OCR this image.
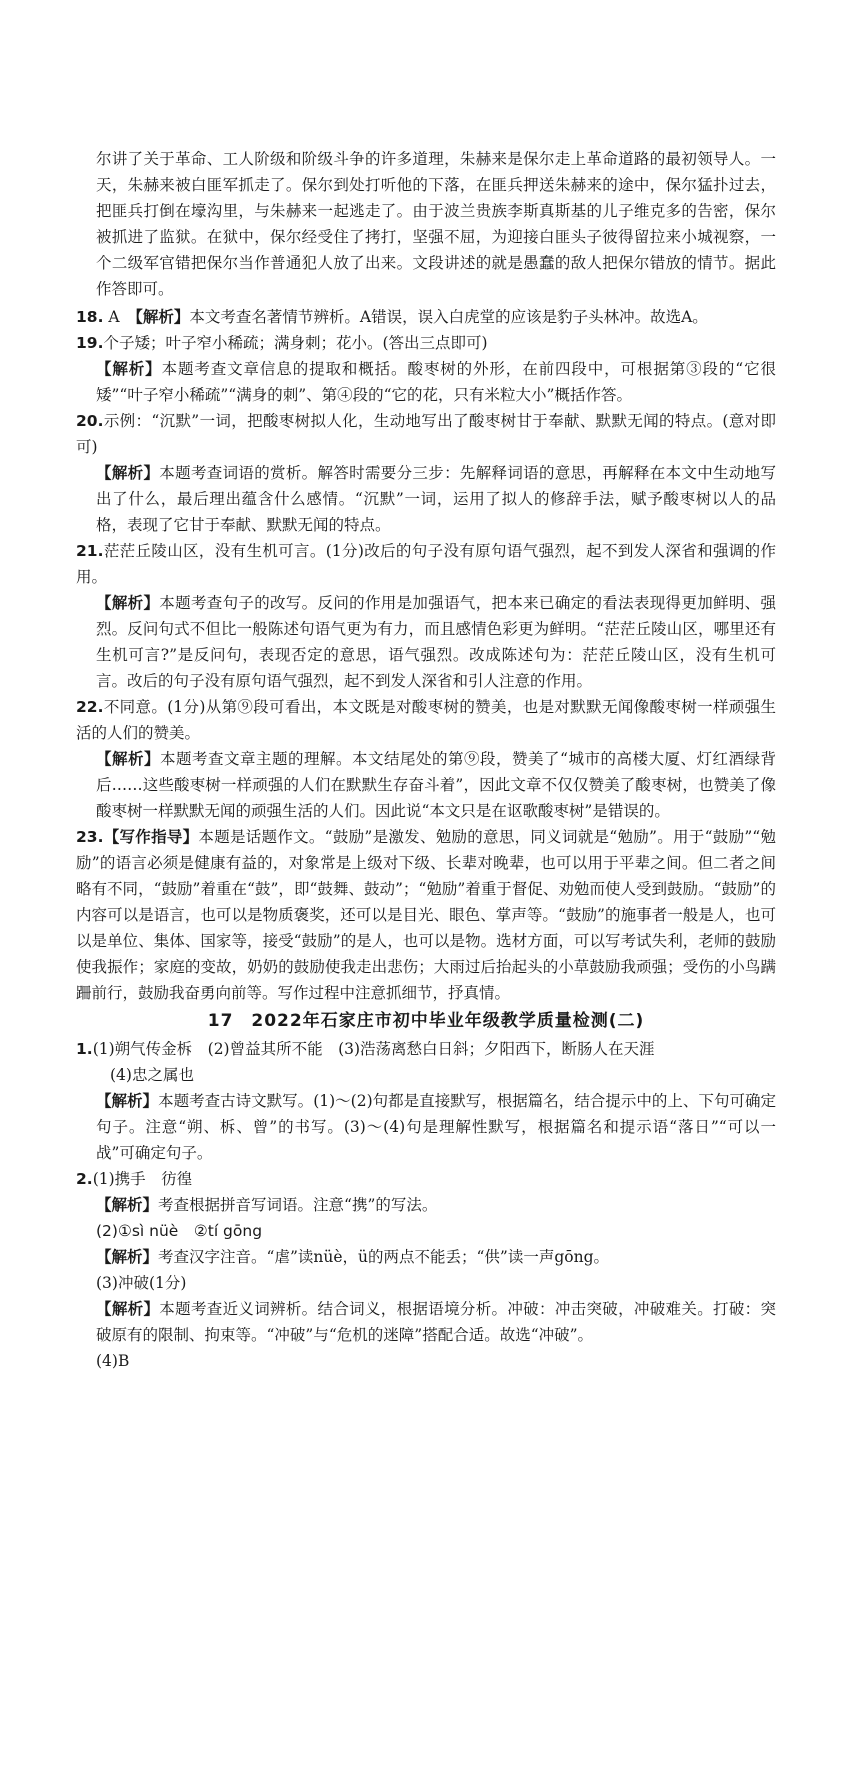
尔讲了关于革命、工人阶级和阶级斗争的许多道理，朱赫来是保尔走上革命道路的最初领导人。一天，朱赫来被白匪军抓走了。保尔到处打听他的下落，在匪兵押送朱赫来的途中，保尔猛扑过去，把匪兵打倒在壕沟里，与朱赫来一起逃走了。由于波兰贵族李斯真斯基的儿子维克多的告密，保尔被抓进了监狱。在狱中，保尔经受住了拷打，坚强不屈，为迎接白匪头子彼得留拉来小城视察，一个二级军官错把保尔当作普通犯人放了出来。文段讲述的就是愚蠢的敌人把保尔错放的情节。据此作答即可。

18. A　 【解析】本文考查名著情节辨析。A错误，误入白虎堂的应该是豹子头林冲。故选A。

19.个子矮；叶子窄小稀疏；满身刺；花小。(答出三点即可)

【解析】本题考查文章信息的提取和概括。酸枣树的外形，在前四段中，可根据第③段的“它很矮”“叶子窄小稀疏”“满身的刺”、第④段的“它的花，只有米粒大小”概括作答。

20.示例：“沉默”一词，把酸枣树拟人化，生动地写出了酸枣树甘于奉献、默默无闻的特点。(意对即可)

【解析】本题考查词语的赏析。解答时需要分三步：先解释词语的意思，再解释在本文中生动地写出了什么，最后理出蕴含什么感情。“沉默”一词，运用了拟人的修辞手法，赋予酸枣树以人的品格，表现了它甘于奉献、默默无闻的特点。

21.茫茫丘陵山区，没有生机可言。(1分)改后的句子没有原句语气强烈，起不到发人深省和强调的作用。

【解析】本题考查句子的改写。反问的作用是加强语气，把本来已确定的看法表现得更加鲜明、强烈。反问句式不但比一般陈述句语气更为有力，而且感情色彩更为鲜明。“茫茫丘陵山区，哪里还有生机可言?”是反问句，表现否定的意思，语气强烈。改成陈述句为：茫茫丘陵山区，没有生机可言。改后的句子没有原句语气强烈，起不到发人深省和引人注意的作用。

22.不同意。(1分)从第⑨段可看出，本文既是对酸枣树的赞美，也是对默默无闻像酸枣树一样顽强生活的人们的赞美。

【解析】本题考查文章主题的理解。本文结尾处的第⑨段，赞美了“城市的高楼大厦、灯红酒绿背后……这些酸枣树一样顽强的人们在默默生存奋斗着”，因此文章不仅仅赞美了酸枣树，也赞美了像酸枣树一样默默无闻的顽强生活的人们。因此说“本文只是在讴歌酸枣树”是错误的。

23.【写作指导】本题是话题作文。“鼓励”是激发、勉励的意思，同义词就是“勉励”。用于“鼓励”“勉励”的语言必须是健康有益的，对象常是上级对下级、长辈对晚辈，也可以用于平辈之间。但二者之间略有不同，“鼓励”着重在“鼓”，即“鼓舞、鼓动”；“勉励”着重于督促、劝勉而使人受到鼓励。“鼓励”的内容可以是语言，也可以是物质褒奖，还可以是目光、眼色、掌声等。“鼓励”的施事者一般是人，也可以是单位、集体、国家等，接受“鼓励”的是人，也可以是物。选材方面，可以写考试失利，老师的鼓励使我振作；家庭的变故，奶奶的鼓励使我走出悲伤；大雨过后抬起头的小草鼓励我顽强；受伤的小鸟蹒跚前行，鼓励我奋勇向前等。写作过程中注意抓细节，抒真情。

17　2022年石家庄市初中毕业年级教学质量检测(二)

1.(1)朔气传金柝　(2)曾益其所不能　(3)浩荡离愁白日斜；夕阳西下，断肠人在天涯

(4)忠之属也

【解析】本题考查古诗文默写。(1)～(2)句都是直接默写，根据篇名，结合提示中的上、下句可确定句子。注意“朔、柝、曾”的书写。(3)～(4)句是理解性默写，根据篇名和提示语“落日”“可以一战”可确定句子。

2.(1)携手　彷徨

【解析】考查根据拼音写词语。注意“携”的写法。

(2)①sì nüè　②tí gōng

【解析】考查汉字注音。“虐”读nüè，ü的两点不能丢；“供”读一声gōng。

(3)冲破(1分)

【解析】本题考查近义词辨析。结合词义，根据语境分析。冲破：冲击突破，冲破难关。打破：突破原有的限制、拘束等。“冲破”与“危机的迷障”搭配合适。故选“冲破”。

(4)B
